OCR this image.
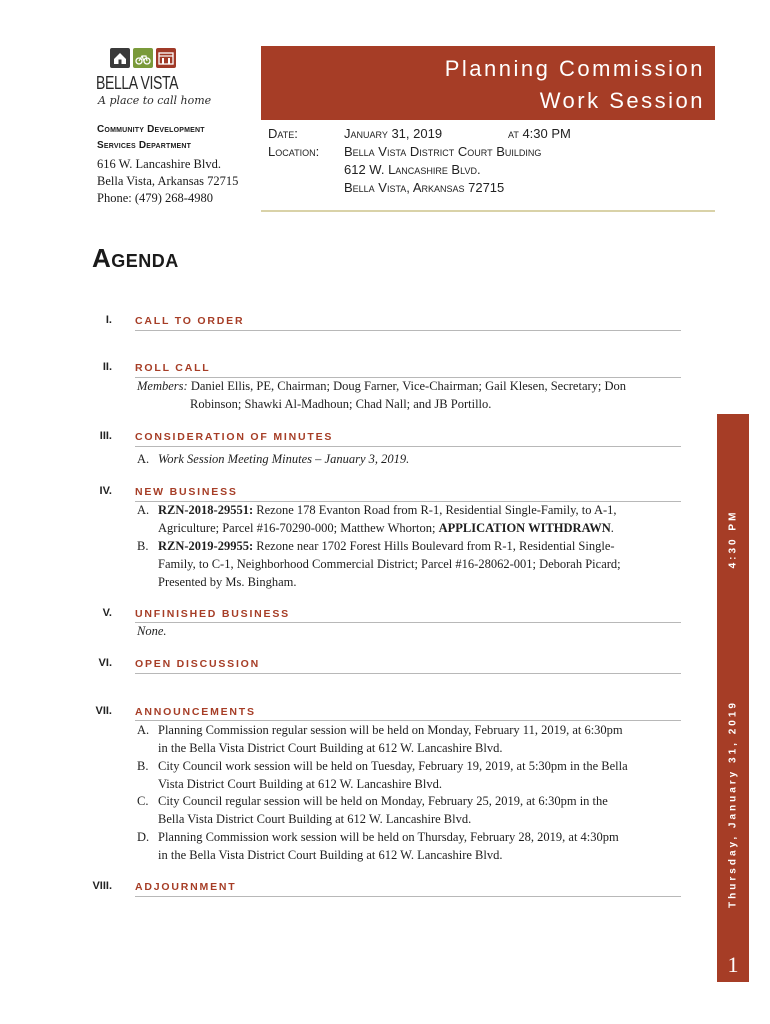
BELLA VISTA
A place to call home
Community Development
Services Department
616 W. Lancashire Blvd.
Bella Vista, Arkansas 72715
Phone: (479) 268-4980
Planning Commission
Work Session
Date:	January 31, 2019	at 4:30 PM
Location: Bella Vista District Court Building
612 W. Lancashire Blvd.
Bella Vista, Arkansas 72715
Agenda
I. CALL TO ORDER
II. ROLL CALL
Members: Daniel Ellis, PE, Chairman; Doug Farner, Vice-Chairman; Gail Klesen, Secretary; Don
Robinson; Shawki Al-Madhoun; Chad Nall; and JB Portillo.
III. CONSIDERATION OF MINUTES
A. Work Session Meeting Minutes – January 3, 2019.
IV. NEW BUSINESS
A. RZN-2018-29551: Rezone 178 Evanton Road from R-1, Residential Single-Family, to A-1,
Agriculture; Parcel #16-70290-000; Matthew Whorton; APPLICATION WITHDRAWN.
B. RZN-2019-29955: Rezone near 1702 Forest Hills Boulevard from R-1, Residential Single-
Family, to C-1, Neighborhood Commercial District; Parcel #16-28062-001; Deborah Picard;
Presented by Ms. Bingham.
V. UNFINISHED BUSINESS
None.
VI. OPEN DISCUSSION
VII. ANNOUNCEMENTS
A. Planning Commission regular session will be held on Monday, February 11, 2019, at 6:30pm
in the Bella Vista District Court Building at 612 W. Lancashire Blvd.
B. City Council work session will be held on Tuesday, February 19, 2019, at 5:30pm in the Bella
Vista District Court Building at 612 W. Lancashire Blvd.
C. City Council regular session will be held on Monday, February 25, 2019, at 6:30pm in the
Bella Vista District Court Building at 612 W. Lancashire Blvd.
D. Planning Commission work session will be held on Thursday, February 28, 2019, at 4:30pm
in the Bella Vista District Court Building at 612 W. Lancashire Blvd.
VIII. ADJOURNMENT
4:30 PM
Thursday, January 31, 2019
1
